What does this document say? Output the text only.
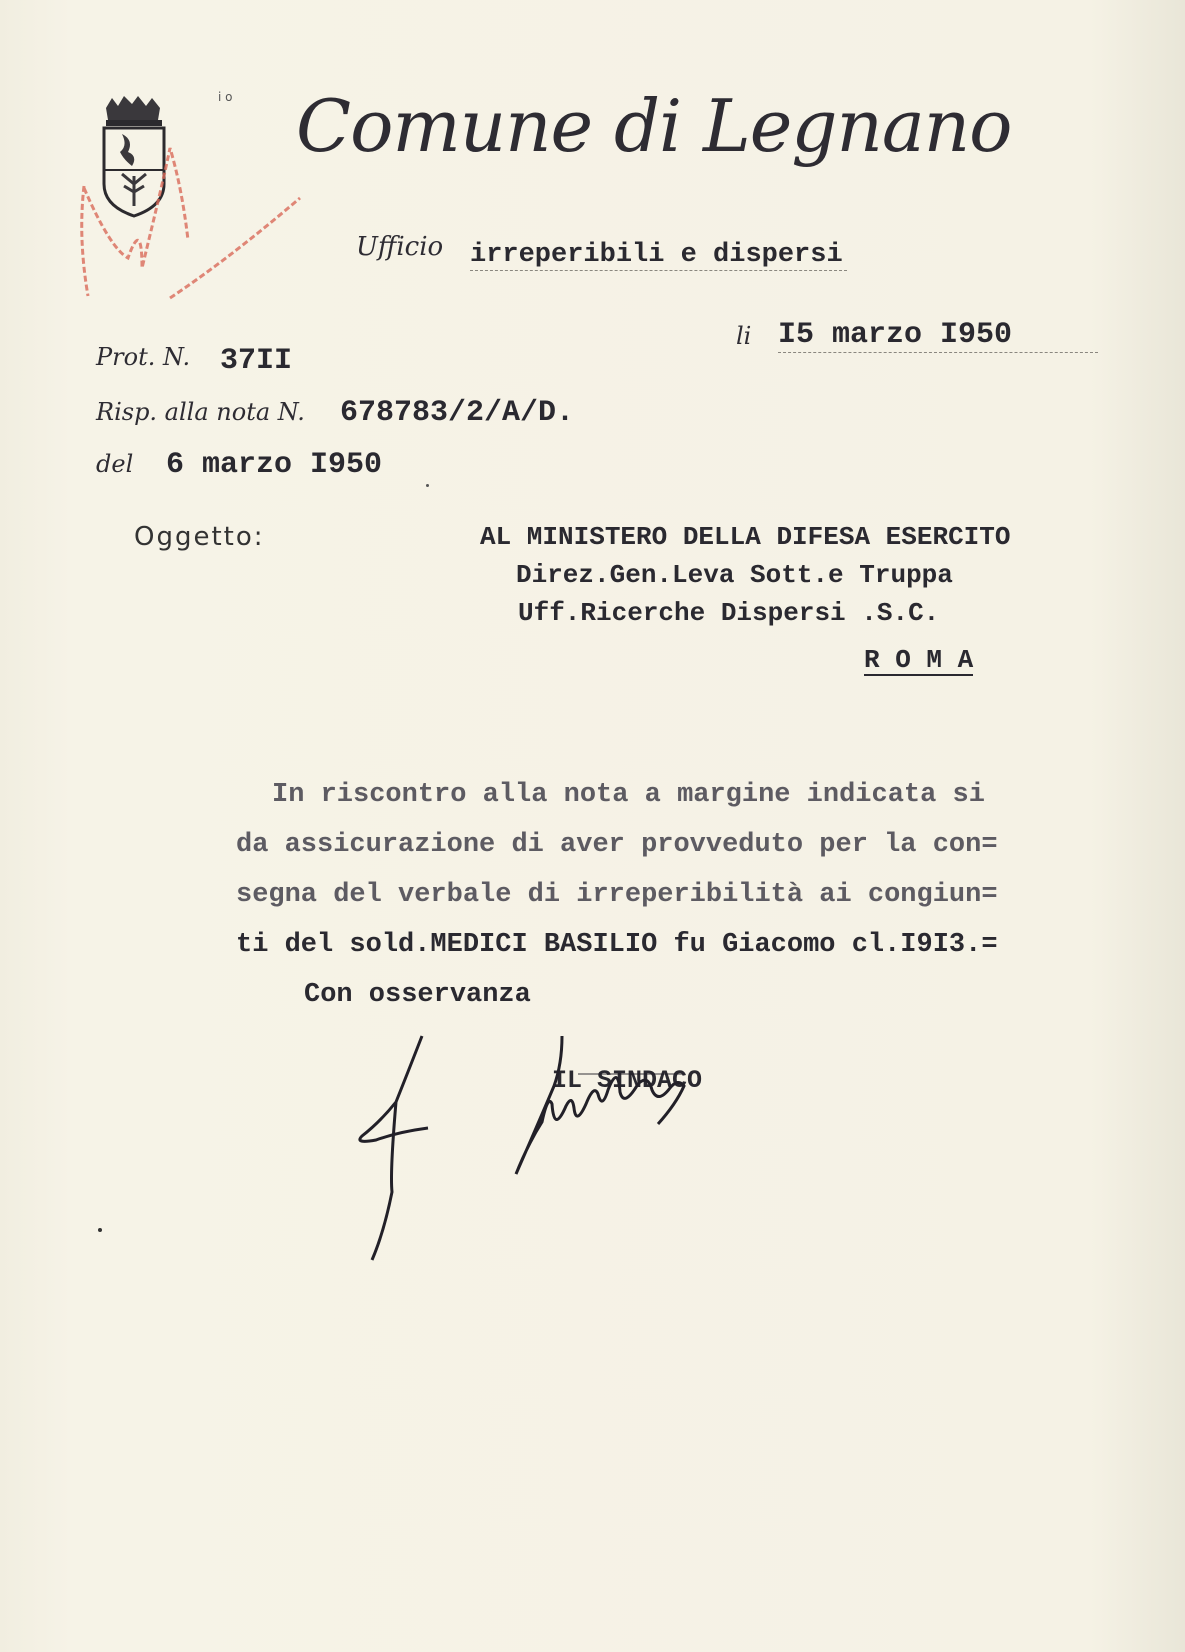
i o Comune di Legnano
Ufficio irreperibili e dispersi
li I5 marzo I950
Prot. N. 37II
Risp. alla nota N. 678783/2/A/D.
del 6 marzo I950
Oggetto:	AL MINISTERO DELLA DIFESA ESERCITO
Direz.Gen.Leva Sott.e Truppa
Uff.Ricerche Dispersi .S.C.
R O M A
In riscontro alla nota a margine indicata si
da assicurazione di aver provveduto per la con=
segna del verbale di irreperibilità ai congiun=
ti del sold.MEDICI BASILIO fu Giacomo cl.I9I3.=
Con osservanza
IL SINDACO
